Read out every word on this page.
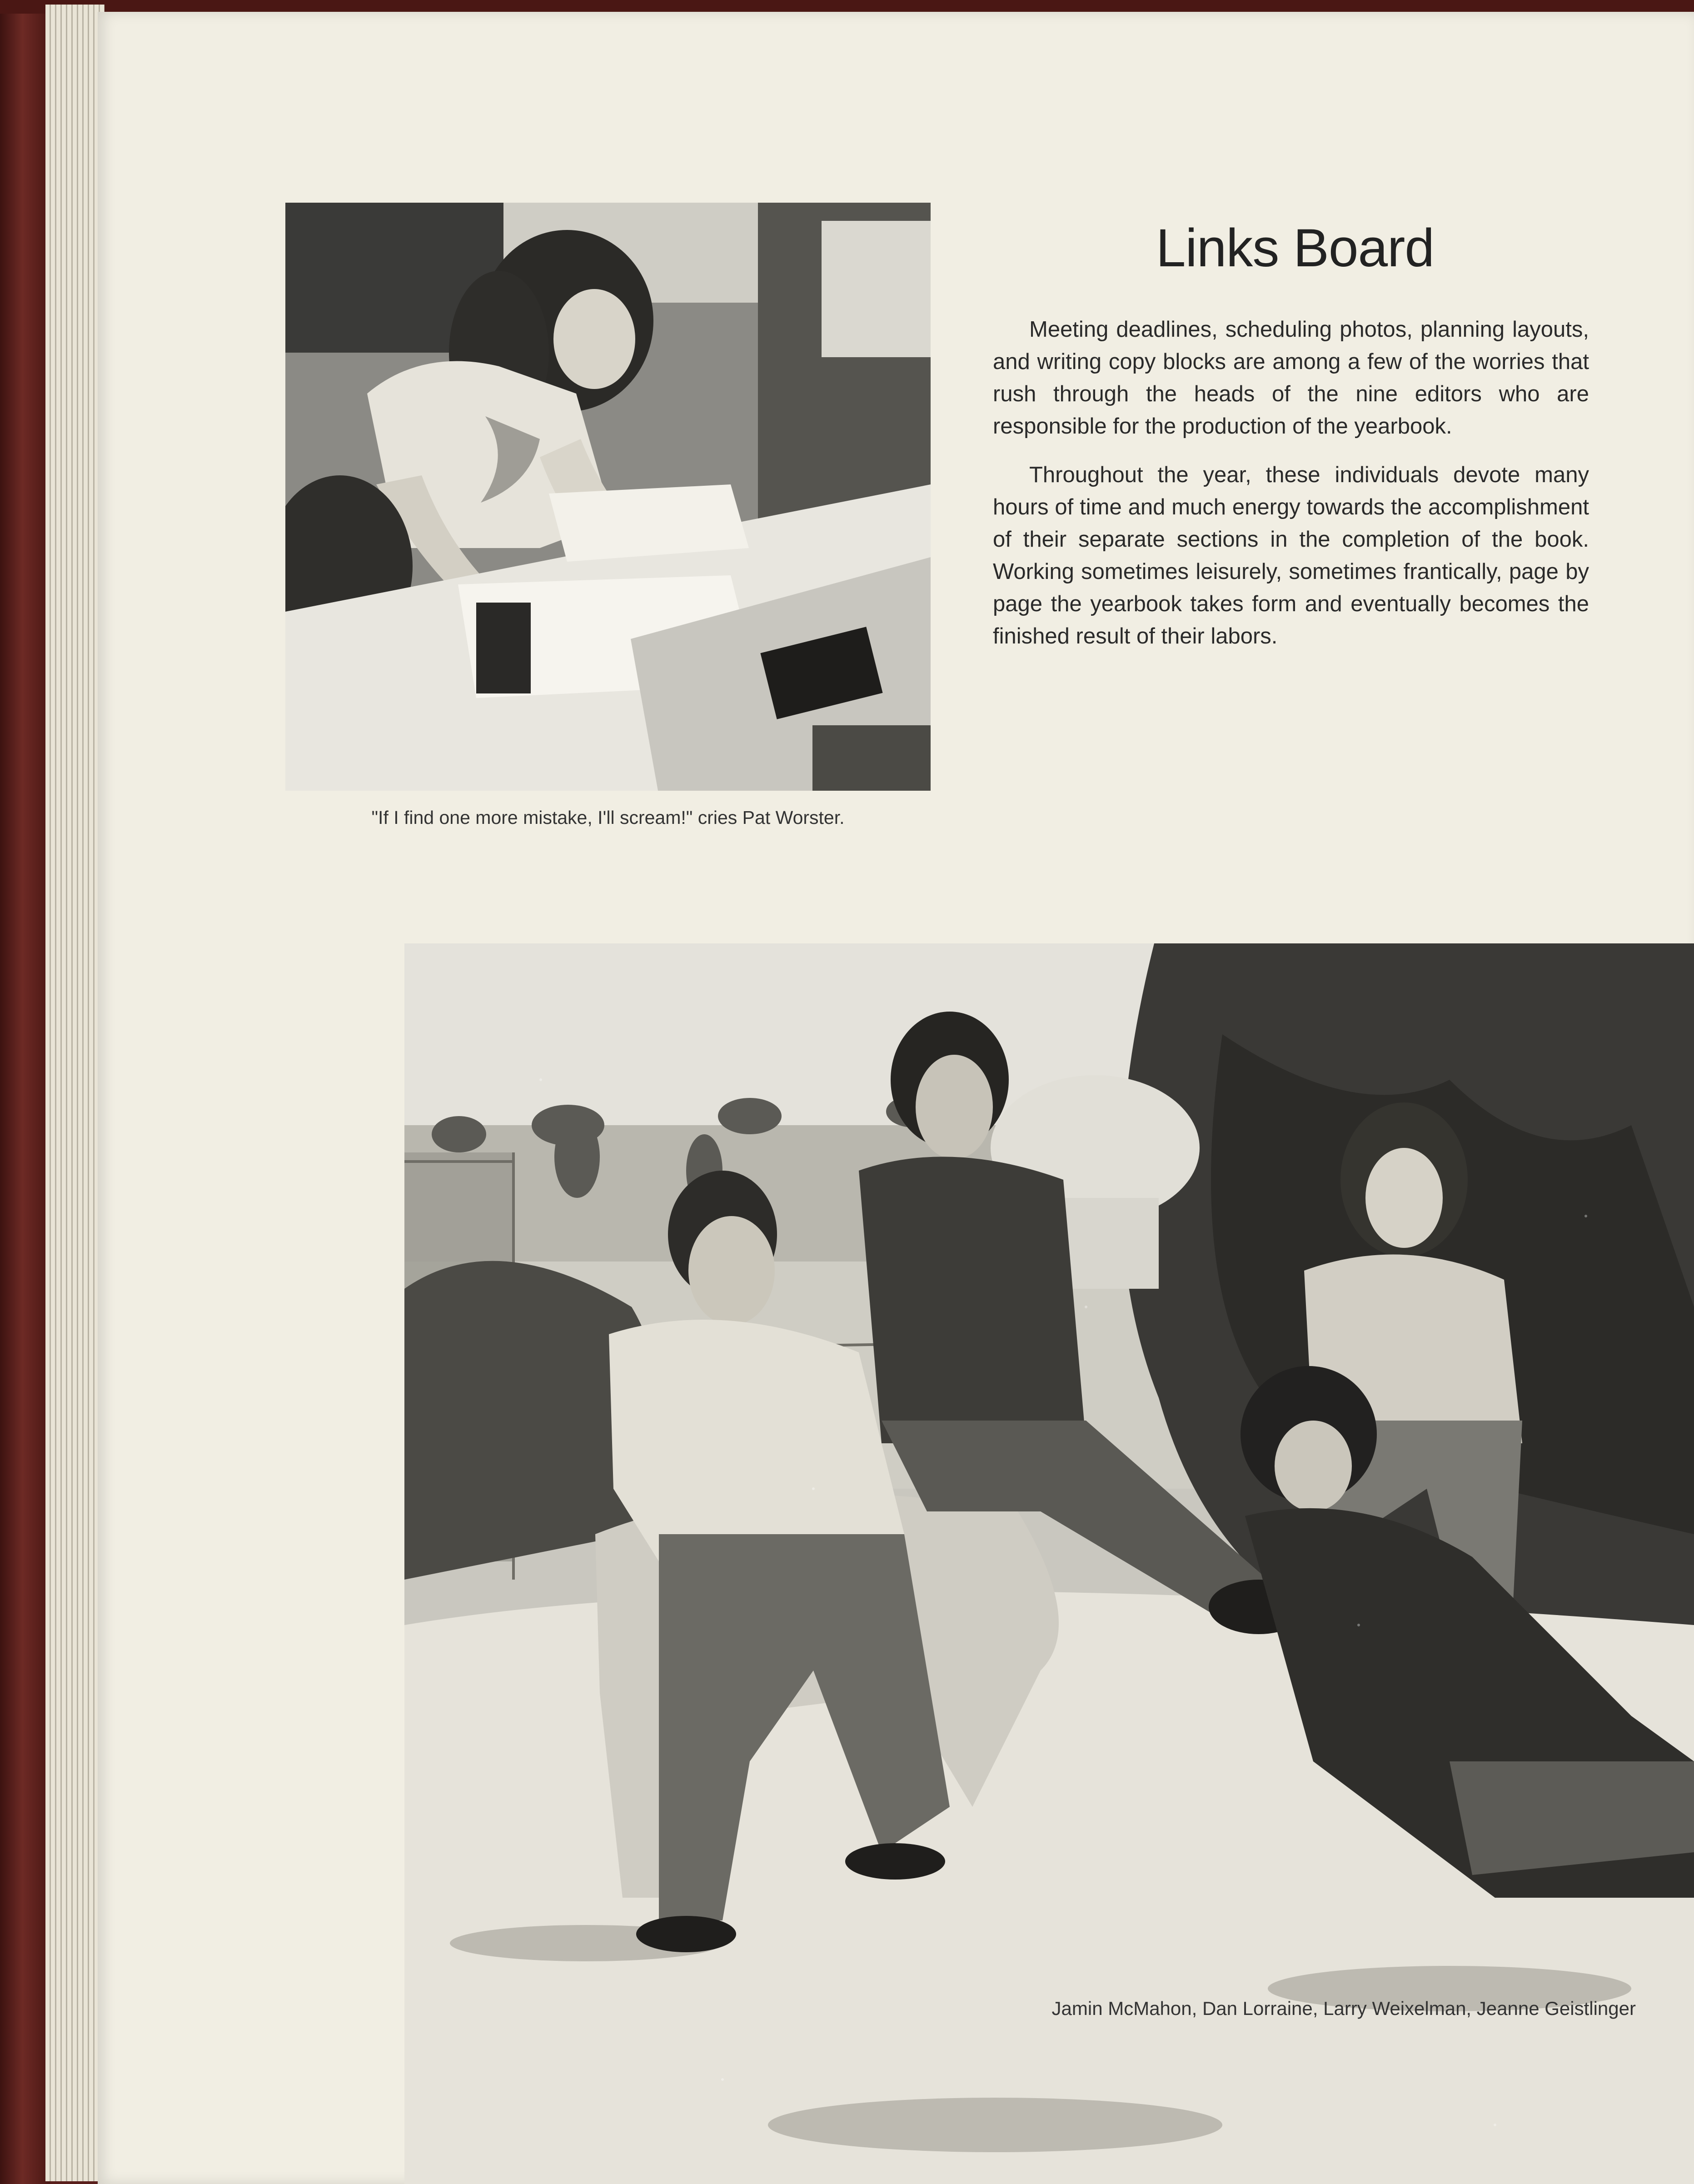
"If I find one more mistake, I'll scream!" cries Pat Worster.
Links Board

Meeting deadlines, scheduling photos, planning layouts, and writing copy blocks are among a few of the worries that rush through the heads of the nine editors who are responsible for the production of the yearbook.

Throughout the year, these individuals devote many hours of time and much energy towards the accomplishment of their separate sections in the completion of the book. Working sometimes leisurely, sometimes frantically, page by page the yearbook takes form and eventually becomes the finished result of their labors.

Jamin McMahon, Dan Lorraine, Larry Weixelman, Jeanne Geistlinger
